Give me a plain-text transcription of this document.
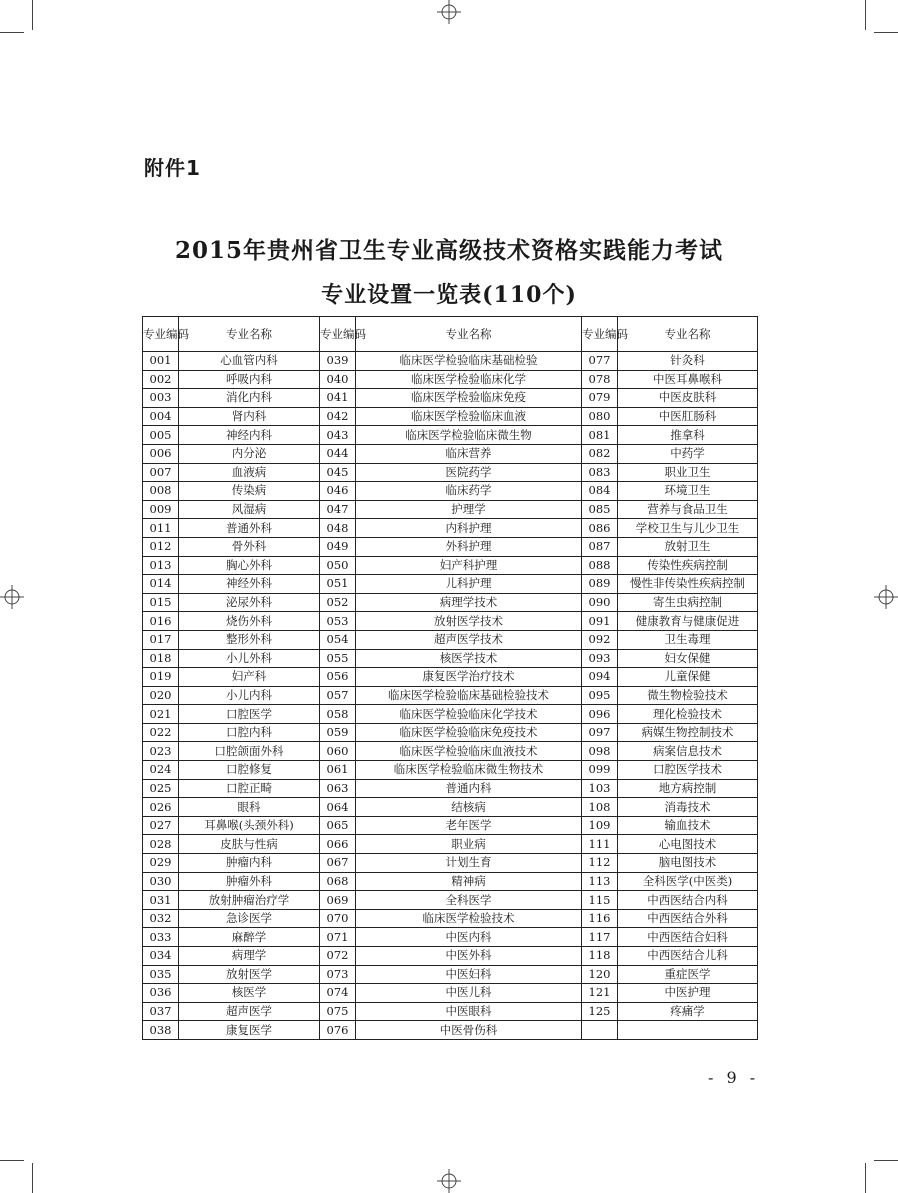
附件1
2015年贵州省卫生专业高级技术资格实践能力考试
专业设置一览表(110个)
专业编码	专业名称	专业编码	专业名称	专业编码	专业名称
001	心血管内科	039	临床医学检验临床基础检验	077	针灸科
002	呼吸内科	040	临床医学检验临床化学	078	中医耳鼻喉科
003	消化内科	041	临床医学检验临床免疫	079	中医皮肤科
004	肾内科	042	临床医学检验临床血液	080	中医肛肠科
005	神经内科	043	临床医学检验临床微生物	081	推拿科
006	内分泌	044	临床营养	082	中药学
007	血液病	045	医院药学	083	职业卫生
008	传染病	046	临床药学	084	环境卫生
009	风湿病	047	护理学	085	营养与食品卫生
011	普通外科	048	内科护理	086	学校卫生与儿少卫生
012	骨外科	049	外科护理	087	放射卫生
013	胸心外科	050	妇产科护理	088	传染性疾病控制
014	神经外科	051	儿科护理	089	慢性非传染性疾病控制
015	泌尿外科	052	病理学技术	090	寄生虫病控制
016	烧伤外科	053	放射医学技术	091	健康教育与健康促进
017	整形外科	054	超声医学技术	092	卫生毒理
018	小儿外科	055	核医学技术	093	妇女保健
019	妇产科	056	康复医学治疗技术	094	儿童保健
020	小儿内科	057	临床医学检验临床基础检验技术	095	微生物检验技术
021	口腔医学	058	临床医学检验临床化学技术	096	理化检验技术
022	口腔内科	059	临床医学检验临床免疫技术	097	病媒生物控制技术
023	口腔颌面外科	060	临床医学检验临床血液技术	098	病案信息技术
024	口腔修复	061	临床医学检验临床微生物技术	099	口腔医学技术
025	口腔正畸	063	普通内科	103	地方病控制
026	眼科	064	结核病	108	消毒技术
027	耳鼻喉(头颈外科)	065	老年医学	109	输血技术
028	皮肤与性病	066	职业病	111	心电图技术
029	肿瘤内科	067	计划生育	112	脑电图技术
030	肿瘤外科	068	精神病	113	全科医学(中医类)
031	放射肿瘤治疗学	069	全科医学	115	中西医结合内科
032	急诊医学	070	临床医学检验技术	116	中西医结合外科
033	麻醉学	071	中医内科	117	中西医结合妇科
034	病理学	072	中医外科	118	中西医结合儿科
035	放射医学	073	中医妇科	120	重症医学
036	核医学	074	中医儿科	121	中医护理
037	超声医学	075	中医眼科	125	疼痛学
038	康复医学	076	中医骨伤科		
- 9 -
